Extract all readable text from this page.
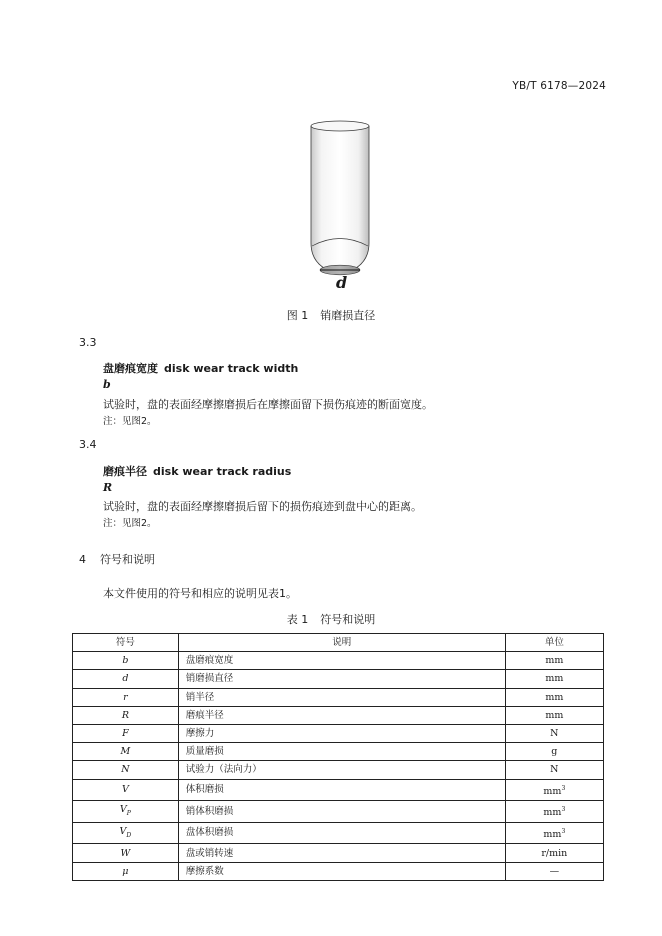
YB/T 6178—2024
d
图 1 销磨损直径
3.3
盘磨痕宽度 disk wear track width
b
试验时，盘的表面经摩擦磨损后在摩擦面留下损伤痕迹的断面宽度。
注：见图2。
3.4
磨痕半径 disk wear track radius
R
试验时，盘的表面经摩擦磨损后留下的损伤痕迹到盘中心的距离。
注：见图2。
4 符号和说明
本文件使用的符号和相应的说明见表1。
表 1 符号和说明
符号	说明	单位
b	盘磨痕宽度	mm
d	销磨损直径	mm
r	销半径	mm
R	磨痕半径	mm
F	摩擦力	N
M	质量磨损	g
N	试验力（法向力）	N
V	体积磨损	$mm^3$
$V_P$	销体积磨损	$mm^3$
$V_D$	盘体积磨损	$mm^3$
W	盘或销转速	r/min
μ	摩擦系数	—
